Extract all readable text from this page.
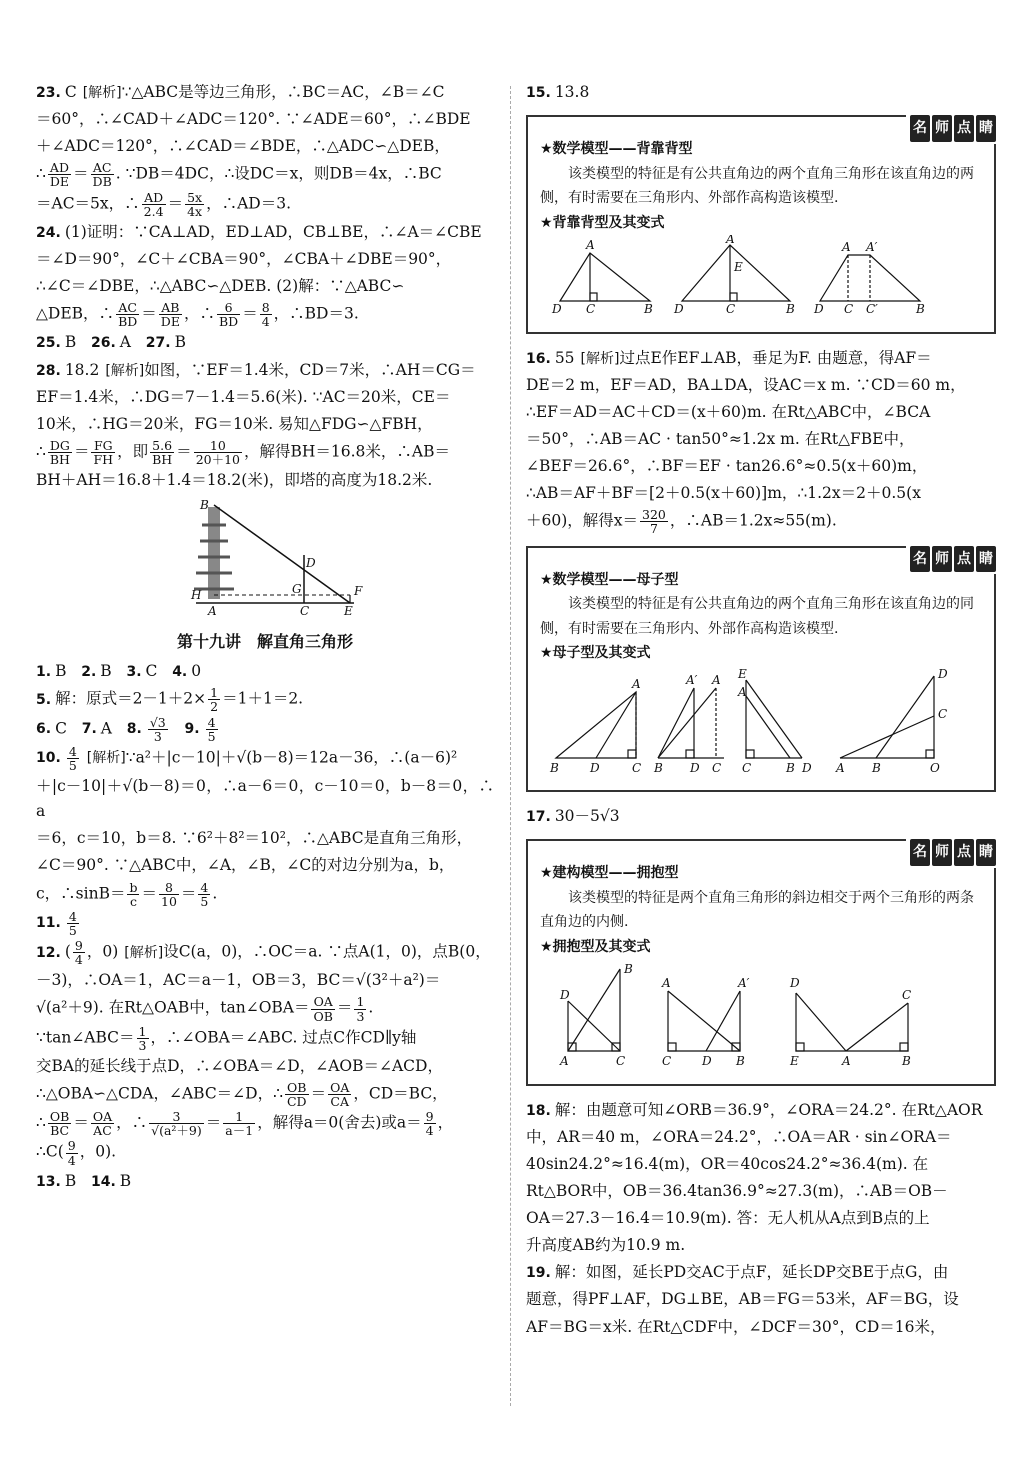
23. C [解析]∵△ABC是等边三角形，∴BC＝AC，∠B＝∠C

＝60°，∴∠CAD＋∠ADC＝120°. ∵∠ADE＝60°，∴∠BDE

＋∠ADC＝120°，∴∠CAD＝∠BDE，∴△ADC∽△DEB，

∴ $\frac{AD}{DE} = \frac{AC}{DB}$ . ∵DB＝4DC，∴设DC＝x，则DB＝4x，∴BC

＝AC＝5x，∴ $\frac{AD}{2.4} = \frac{5x}{4x}$ ，∴AD＝3.

24. (1)证明：∵CA⊥AD，ED⊥AD，CB⊥BE，∴∠A＝∠CBE

＝∠D＝90°，∠C＋∠CBA＝90°，∠CBA＋∠DBE＝90°，

∴∠C＝∠DBE，∴△ABC∽△DEB. (2)解：∵△ABC∽

△DEB，∴ $\frac{AC}{BD} = \frac{AB}{DE}$ ，∴ $\frac{6}{BD} = \frac{8}{4}$ ，∴BD＝3.

25. B 26. A 27. B

28. 18.2 [解析]如图，∵EF＝1.4米，CD＝7米，∴AH＝CG＝

EF＝1.4米，∴DG＝7－1.4＝5.6(米). ∵AC＝20米，CE＝

10米，∴HG＝20米，FG＝10米. 易知△FDG∽△FBH，

∴ $\frac{DG}{BH} = \frac{FG}{FH}$ ，即 $\frac{5.6}{BH} = \frac{10}{20+10}$ ，解得BH＝16.8米，∴AB＝

BH＋AH＝16.8＋1.4＝18.2(米)，即塔的高度为18.2米.

B
D
H	G	F
A	C	E
第十九讲　解直角三角形

1. B 2. B 3. C 4. 0

5. 解：原式$=2-1+2\times \frac{1}{2} =1+1=2$.

6. C 7. A 8. $\frac{√3}{3} 9$. $\frac{4}{5}$

10. $\frac{4}{5}$ [解析]∵a²＋|c－10|＋√(b－8)＝12a－36，∴(a－6)²

＋|c－10|＋√(b－8)＝0，∴a－6＝0，c－10＝0，b－8＝0，∴a

＝6，c＝10，b＝8. ∵6²＋8²＝10²，∴△ABC是直角三角形，

∠C＝90°. ∵△ABC中，∠A，∠B，∠C的对边分别为a，b，

c，∴sinB＝ $\frac{b}{c} = \frac{8}{10} = \frac{4}{5}$ .

11. $\frac{4}{5}$

12. ( $\frac{9}{4}$ ，0) [解析]设C(a，0)，∴OC＝a. ∵点A(1，0)，点B(0，

－3)，∴OA＝1，AC＝a－1，OB＝3，BC＝√(3²＋a²)＝

√(a²＋9). 在Rt△OAB中，tan∠OBA＝ $\frac{OA}{OB} = \frac{1}{3}$ .

∵tan∠ABC＝ $\frac{1}{3}$ ，∴∠OBA＝∠ABC. 过点C作CD∥y轴

交BA的延长线于点D，∴∠OBA＝∠D，∠AOB＝∠ACD，

∴△OBA∽△CDA，∠ABC＝∠D，∴ $\frac{OB}{CD} = \frac{OA}{CA}$ ，CD＝BC，

∴ $\frac{OB}{BC} = \frac{OA}{AC}$ ，∴ $\frac{3}{\text{√(a²＋9)}} = \frac{1}{a-1}$ ，解得a＝0(舍去)或$a= \frac{9}{4}$ ，

∴C( $\frac{9}{4}$ ，0).

13. B 14. B

15. 13.8

名 师 点 睛
★数学模型——背靠背型
该类模型的特征是有公共直角边的两个直角三角形在该直角边的两侧，有时需要在三角形内、外部作高构造该模型.
★背靠背型及其变式
A
D C	B
A
E
D	C	B
A A′
D C C′	B

16. 55 [解析]过点E作EF⊥AB，垂足为F. 由题意，得AF＝

DE＝2 m，EF＝AD，BA⊥DA，设AC＝x m. ∵CD＝60 m，

∴EF＝AD＝AC＋CD＝(x＋60)m. 在Rt△ABC中，∠BCA

＝50°，∴AB＝AC · tan50°≈1.2x m. 在Rt△FBE中，

∠BEF＝26.6°，∴BF＝EF · tan26.6°≈0.5(x＋60)m，

∴AB＝AF＋BF＝[2＋0.5(x＋60)]m，∴1.2x＝2＋0.5(x

＋60)，解得$x= \frac{320}{7}$ ，∴AB＝1.2x≈55(m).

名 师 点 睛
★数学模型——母子型
该类模型的特征是有公共直角边的两个直角三角形在该直角边的同侧，有时需要在三角形内、外部作高构造该模型.
★母子型及其变式
A
B	D	C
A′ A
B D C
E
A
C	B D
D
C
A B	O

17. 30－5√3

名 师 点 睛
★建构模型——拥抱型
该类模型的特征是两个直角三角形的斜边相交于两个三角形的两条直角边的内侧.
★拥抱型及其变式
B
D
A	C
A	A′
C	D B
D
C
E	A	B

18. 解：由题意可知∠ORB＝36.9°，∠ORA＝24.2°. 在Rt△AOR

中，AR＝40 m，∠ORA＝24.2°，∴OA＝AR · sin∠ORA＝

40sin24.2°≈16.4(m)，OR＝40cos24.2°≈36.4(m). 在

Rt△BOR中，OB＝36.4tan36.9°≈27.3(m)，∴AB＝OB－

OA＝27.3－16.4＝10.9(m). 答：无人机从A点到B点的上

升高度AB约为10.9 m.

19. 解：如图，延长PD交AC于点F，延长DP交BE于点G，由

题意，得PF⊥AF，DG⊥BE，AB＝FG＝53米，AF＝BG，设

AF＝BG＝x米. 在Rt△CDF中，∠DCF＝30°，CD＝16米，
